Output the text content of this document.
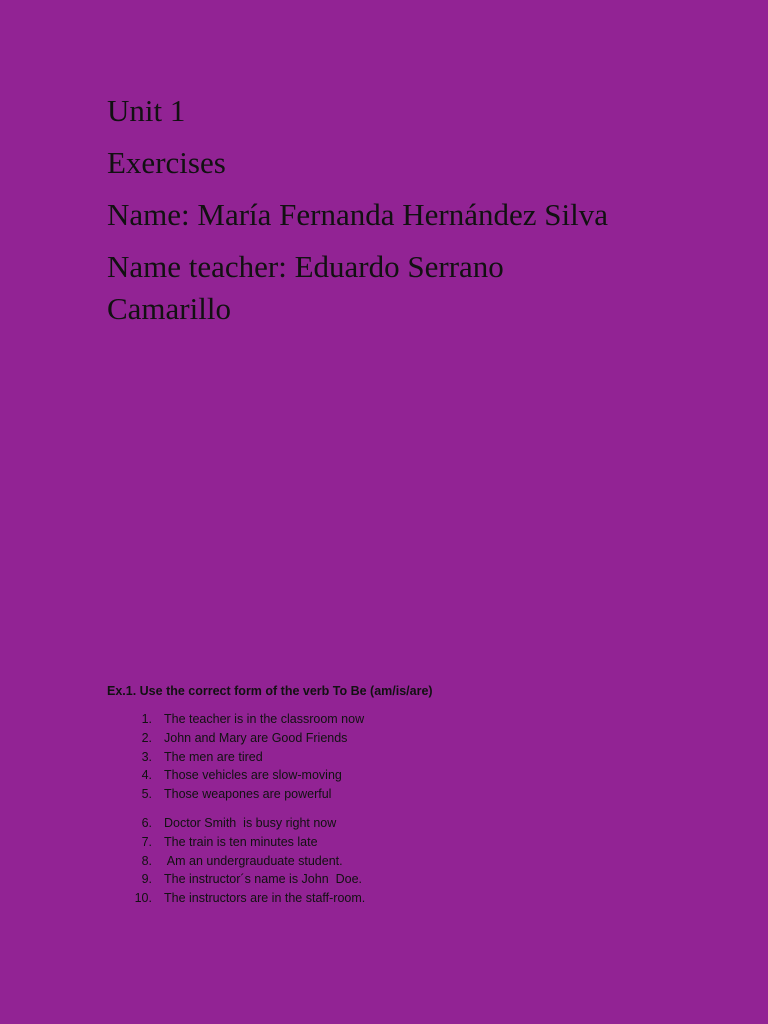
Unit 1
Exercises
Name: María Fernanda Hernández Silva
Name teacher: Eduardo Serrano
Camarillo

Ex.1. Use the correct form of the verb To Be (am/is/are)

1. The teacher is in the classroom now
2. John and Mary are Good Friends
3. The men are tired
4. Those vehicles are slow-moving
5. Those weapones are powerful
6. Doctor Smith  is busy right now
7. The train is ten minutes late
8. Am an undergrauduate student.
9. The instructor´s name is John  Doe.
10. The instructors are in the staff-room.
